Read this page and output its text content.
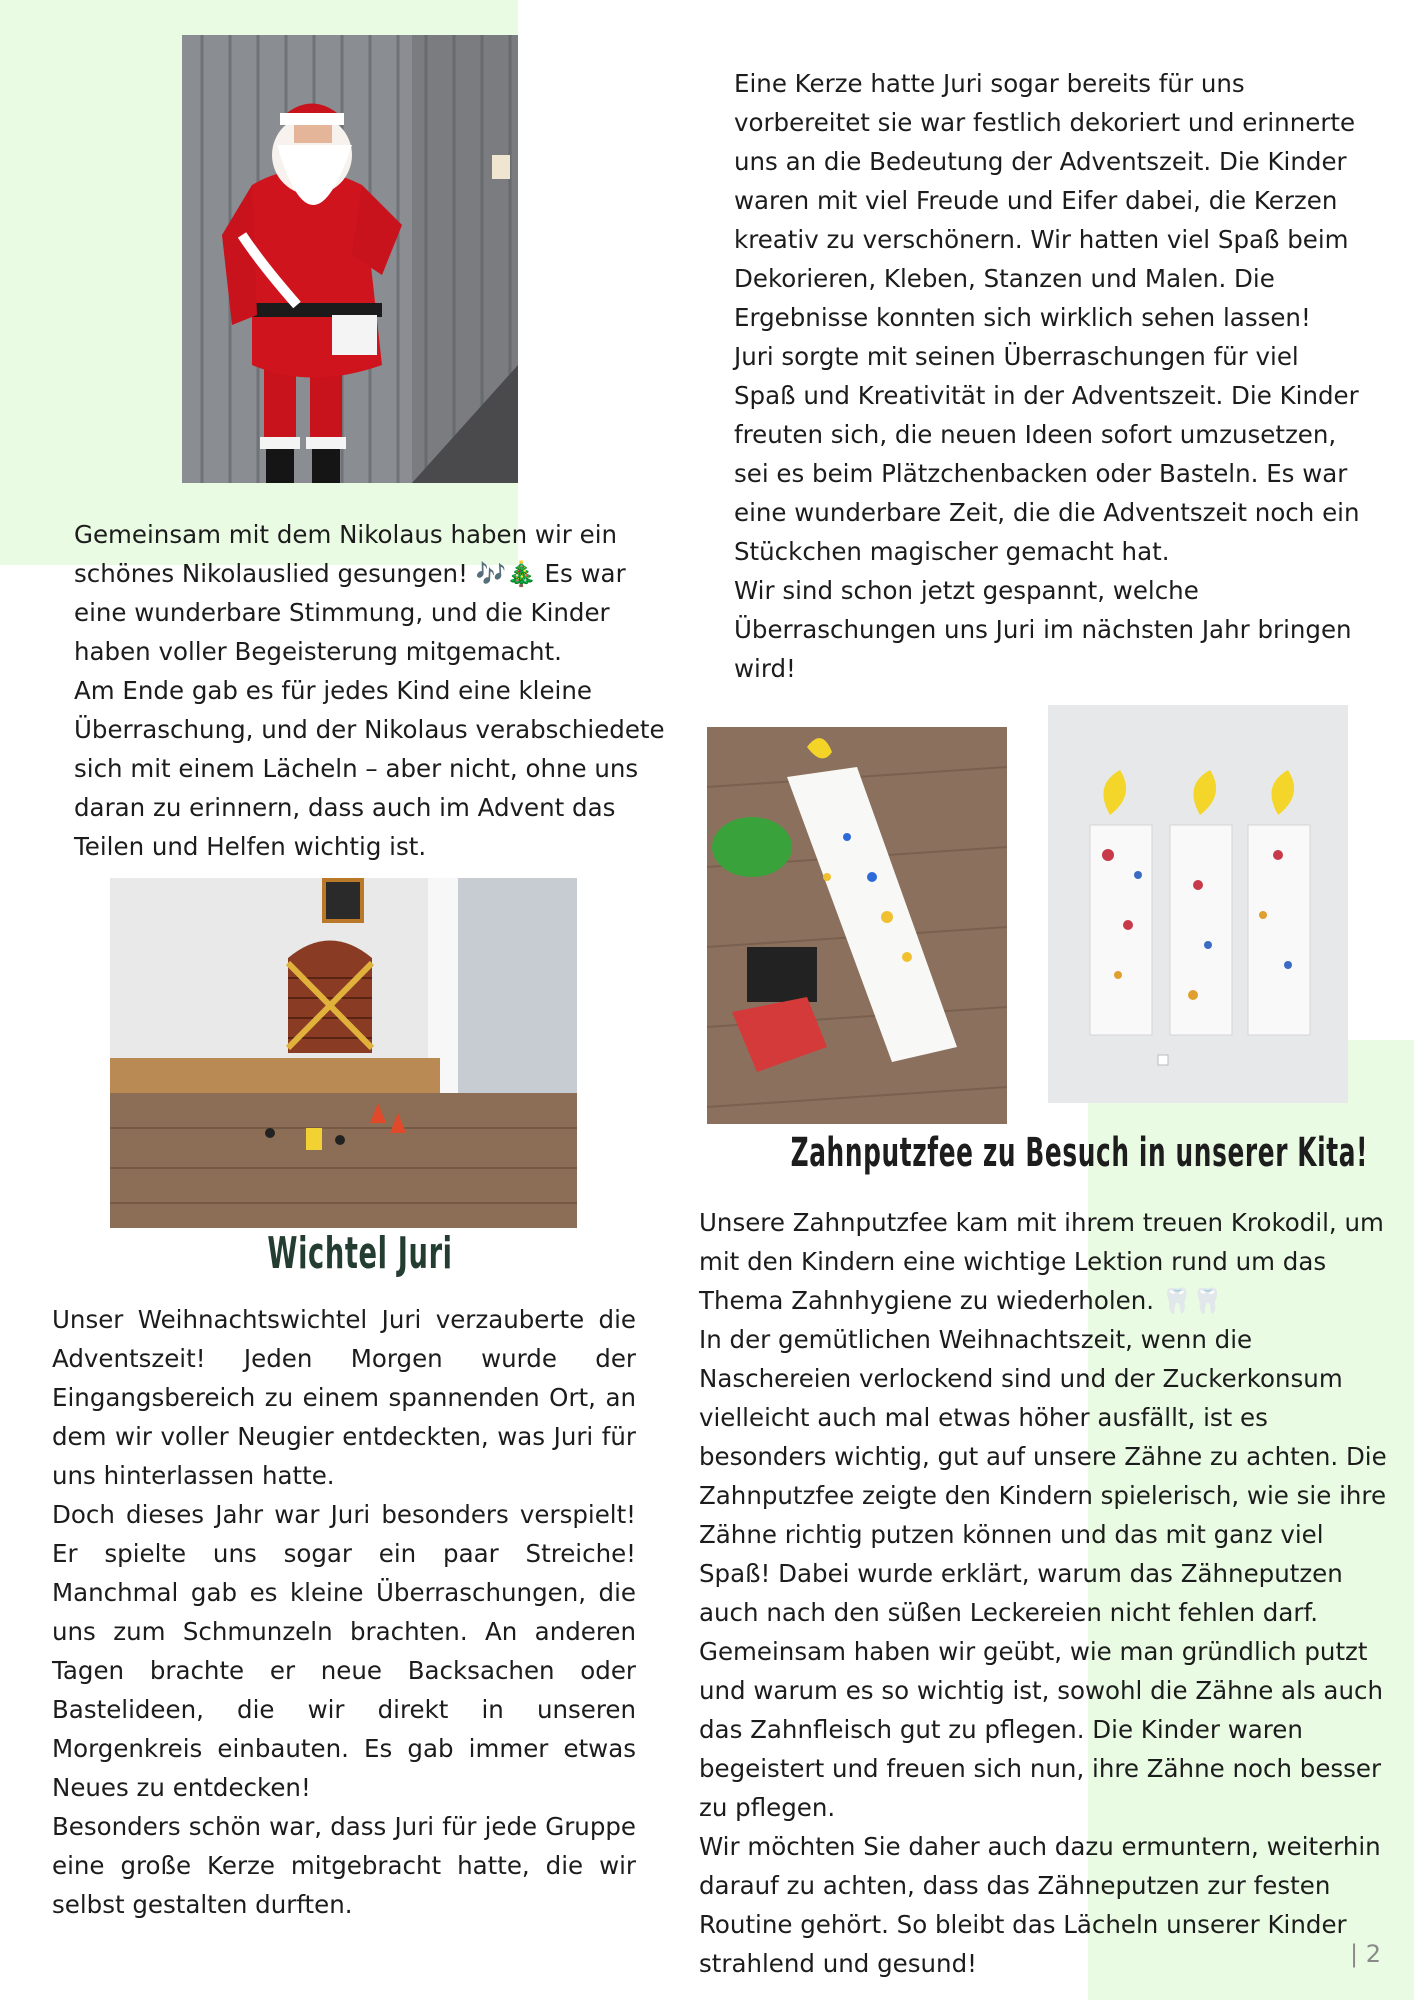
Gemeinsam mit dem Nikolaus haben wir ein schönes Nikolauslied gesungen! 🎶🎄 Es war eine wunderbare Stimmung, und die Kinder haben voller Begeisterung mitgemacht.

Am Ende gab es für jedes Kind eine kleine Überraschung, und der Nikolaus verabschiedete sich mit einem Lächeln – aber nicht, ohne uns daran zu erinnern, dass auch im Advent das Teilen und Helfen wichtig ist.

Wichtel Juri

Unser Weihnachtswichtel Juri verzauberte die Adventszeit! Jeden Morgen wurde der Eingangsbereich zu einem spannenden Ort, an dem wir voller Neugier entdeckten, was Juri für uns hinterlassen hatte.

Doch dieses Jahr war Juri besonders verspielt! Er spielte uns sogar ein paar Streiche! Manchmal gab es kleine Überraschungen, die uns zum Schmunzeln brachten. An anderen Tagen brachte er neue Backsachen oder Bastelideen, die wir direkt in unseren Morgenkreis einbauten. Es gab immer etwas Neues zu entdecken!

Besonders schön war, dass Juri für jede Gruppe eine große Kerze mitgebracht hatte, die wir selbst gestalten durften.

Eine Kerze hatte Juri sogar bereits für uns vorbereitet sie war festlich dekoriert und erinnerte uns an die Bedeutung der Adventszeit. Die Kinder waren mit viel Freude und Eifer dabei, die Kerzen kreativ zu verschönern. Wir hatten viel Spaß beim Dekorieren, Kleben, Stanzen und Malen. Die Ergebnisse konnten sich wirklich sehen lassen!

Juri sorgte mit seinen Überraschungen für viel Spaß und Kreativität in der Adventszeit. Die Kinder freuten sich, die neuen Ideen sofort umzusetzen, sei es beim Plätzchenbacken oder Basteln. Es war eine wunderbare Zeit, die die Adventszeit noch ein Stückchen magischer gemacht hat.

Wir sind schon jetzt gespannt, welche Überraschungen uns Juri im nächsten Jahr bringen wird!

Zahnputzfee zu Besuch in unserer Kita!

Unsere Zahnputzfee kam mit ihrem treuen Krokodil, um mit den Kindern eine wichtige Lektion rund um das Thema Zahnhygiene zu wiederholen. 🦷🦷

In der gemütlichen Weihnachtszeit, wenn die Naschereien verlockend sind und der Zuckerkonsum vielleicht auch mal etwas höher ausfällt, ist es besonders wichtig, gut auf unsere Zähne zu achten. Die Zahnputzfee zeigte den Kindern spielerisch, wie sie ihre Zähne richtig putzen können und das mit ganz viel Spaß! Dabei wurde erklärt, warum das Zähneputzen auch nach den süßen Leckereien nicht fehlen darf.

Gemeinsam haben wir geübt, wie man gründlich putzt und warum es so wichtig ist, sowohl die Zähne als auch das Zahnfleisch gut zu pflegen. Die Kinder waren begeistert und freuen sich nun, ihre Zähne noch besser zu pflegen.

Wir möchten Sie daher auch dazu ermuntern, weiterhin darauf zu achten, dass das Zähneputzen zur festen Routine gehört. So bleibt das Lächeln unserer Kinder strahlend und gesund!	| 2
